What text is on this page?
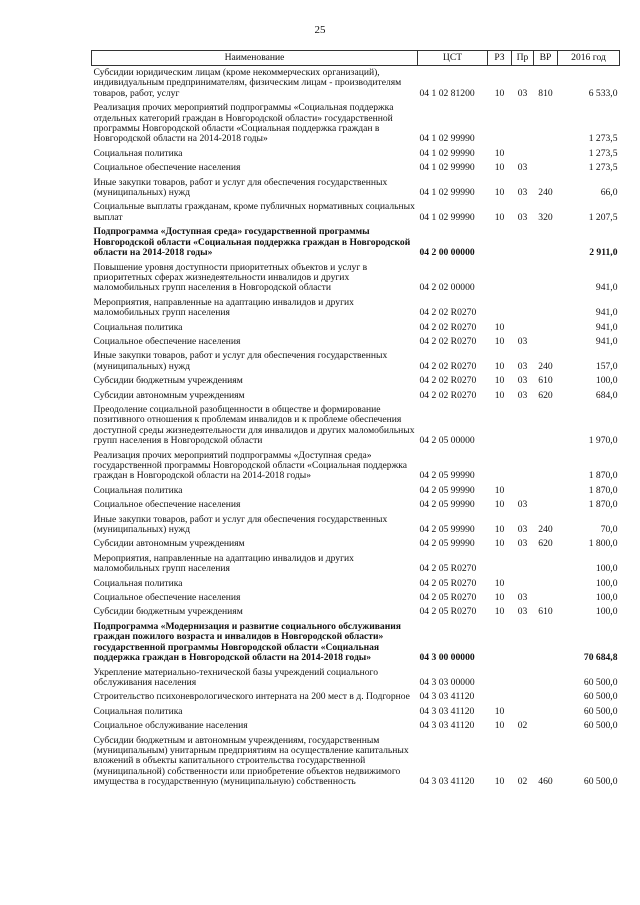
25
Наименование	ЦСТ	РЗ	Пр	ВР	2016 год
Субсидии юридическим лицам (кроме некоммерческих организаций), индивидуальным предпринимателям, физическим лицам - производителям товаров, работ, услуг	04 1 02 81200	10	03	810	6 533,0
Реализация прочих мероприятий подпрограммы «Социальная поддержка отдельных категорий граждан в Новгородской области» государственной программы Новгородской области «Социальная поддержка граждан в Новгородской области на 2014-2018 годы»	04 1 02 99990				1 273,5
Социальная политика	04 1 02 99990	10			1 273,5
Социальное обеспечение населения	04 1 02 99990	10	03		1 273,5
Иные закупки товаров, работ и услуг для обеспечения государственных (муниципальных) нужд	04 1 02 99990	10	03	240	66,0
Социальные выплаты гражданам, кроме публичных нормативных социальных выплат	04 1 02 99990	10	03	320	1 207,5
Подпрограмма «Доступная среда» государственной программы Новгородской области «Социальная поддержка граждан в Новгородской области на 2014-2018 годы»	04 2 00 00000				2 911,0
Повышение уровня доступности приоритетных объектов и услуг в приоритетных сферах жизнедеятельности инвалидов и других маломобильных групп населения в Новгородской области	04 2 02 00000				941,0
Мероприятия, направленные на адаптацию инвалидов и других маломобильных групп населения	04 2 02 R0270				941,0
Социальная политика	04 2 02 R0270	10			941,0
Социальное обеспечение населения	04 2 02 R0270	10	03		941,0
Иные закупки товаров, работ и услуг для обеспечения государственных (муниципальных) нужд	04 2 02 R0270	10	03	240	157,0
Субсидии бюджетным учреждениям	04 2 02 R0270	10	03	610	100,0
Субсидии автономным учреждениям	04 2 02 R0270	10	03	620	684,0
Преодоление социальной разобщенности в обществе и формирование позитивного отношения к проблемам инвалидов и к проблеме обеспечения доступной среды жизнедеятельности для инвалидов и других маломобильных групп населения в Новгородской области	04 2 05 00000				1 970,0
Реализация прочих мероприятий подпрограммы «Доступная среда» государственной программы Новгородской области «Социальная поддержка граждан в Новгородской области на 2014-2018 годы»	04 2 05 99990				1 870,0
Социальная политика	04 2 05 99990	10			1 870,0
Социальное обеспечение населения	04 2 05 99990	10	03		1 870,0
Иные закупки товаров, работ и услуг для обеспечения государственных (муниципальных) нужд	04 2 05 99990	10	03	240	70,0
Субсидии автономным учреждениям	04 2 05 99990	10	03	620	1 800,0
Мероприятия, направленные на адаптацию инвалидов и других маломобильных групп населения	04 2 05 R0270				100,0
Социальная политика	04 2 05 R0270	10			100,0
Социальное обеспечение населения	04 2 05 R0270	10	03		100,0
Субсидии бюджетным учреждениям	04 2 05 R0270	10	03	610	100,0
Подпрограмма «Модернизация и развитие социального обслуживания граждан пожилого возраста и инвалидов в Новгородской области» государственной программы Новгородской области «Социальная поддержка граждан в Новгородской области на 2014-2018 годы»	04 3 00 00000				70 684,8
Укрепление материально-технической базы учреждений социального обслуживания населения	04 3 03 00000				60 500,0
Строительство психоневрологического интерната на 200 мест в д. Подгорное	04 3 03 41120				60 500,0
Социальная политика	04 3 03 41120	10			60 500,0
Социальное обслуживание населения	04 3 03 41120	10	02		60 500,0
Субсидии бюджетным и автономным учреждениям, государственным (муниципальным) унитарным предприятиям на осуществление капитальных вложений в объекты капитального строительства государственной (муниципальной) собственности или приобретение объектов недвижимого имущества в государственную (муниципальную) собственность	04 3 03 41120	10	02	460	60 500,0
